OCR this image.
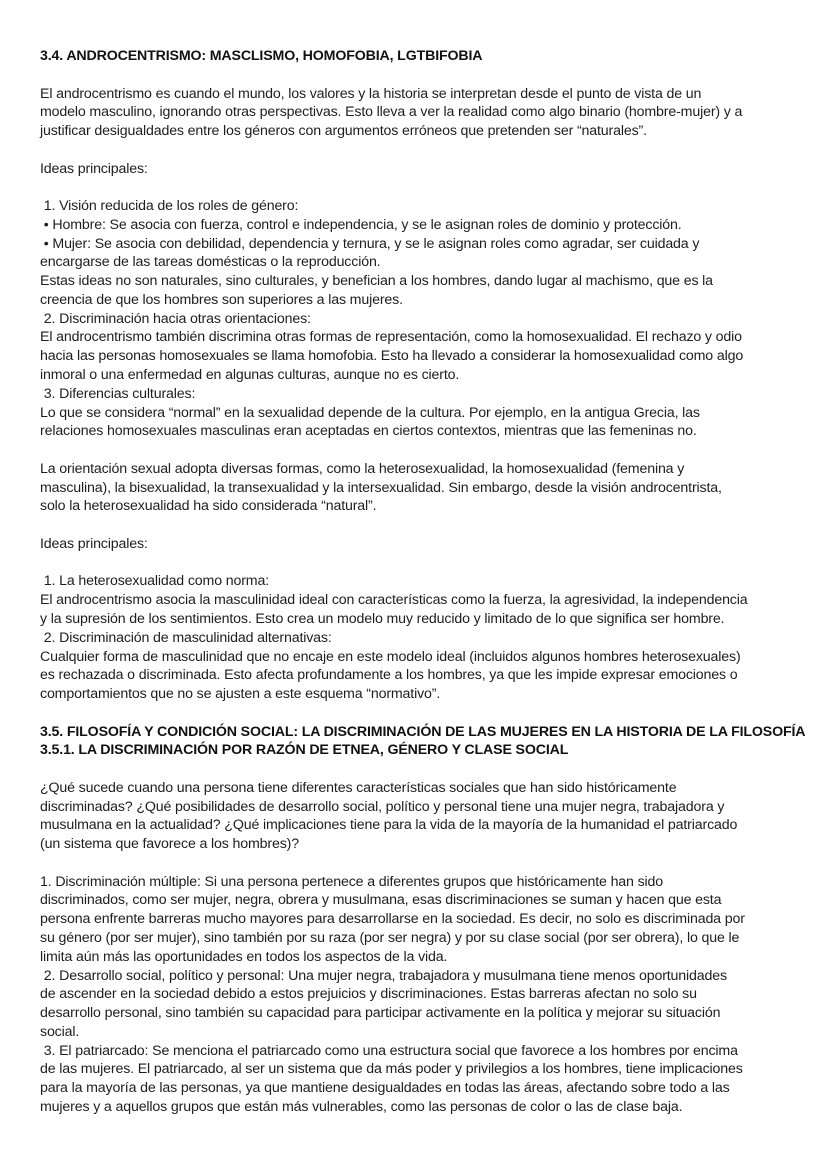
3.4. ANDROCENTRISMO: MASCLISMO, HOMOFOBIA, LGTBIFOBIA
El androcentrismo es cuando el mundo, los valores y la historia se interpretan desde el punto de vista de un
modelo masculino, ignorando otras perspectivas. Esto lleva a ver la realidad como algo binario (hombre-mujer) y a
justificar desigualdades entre los géneros con argumentos erróneos que pretenden ser “naturales”.
Ideas principales:
1. Visión reducida de los roles de género:
• Hombre: Se asocia con fuerza, control e independencia, y se le asignan roles de dominio y protección.
• Mujer: Se asocia con debilidad, dependencia y ternura, y se le asignan roles como agradar, ser cuidada y
encargarse de las tareas domésticas o la reproducción.
Estas ideas no son naturales, sino culturales, y benefician a los hombres, dando lugar al machismo, que es la
creencia de que los hombres son superiores a las mujeres.
2. Discriminación hacia otras orientaciones:
El androcentrismo también discrimina otras formas de representación, como la homosexualidad. El rechazo y odio
hacia las personas homosexuales se llama homofobia. Esto ha llevado a considerar la homosexualidad como algo
inmoral o una enfermedad en algunas culturas, aunque no es cierto.
3. Diferencias culturales:
Lo que se considera “normal” en la sexualidad depende de la cultura. Por ejemplo, en la antigua Grecia, las
relaciones homosexuales masculinas eran aceptadas en ciertos contextos, mientras que las femeninas no.
La orientación sexual adopta diversas formas, como la heterosexualidad, la homosexualidad (femenina y
masculina), la bisexualidad, la transexualidad y la intersexualidad. Sin embargo, desde la visión androcentrista,
solo la heterosexualidad ha sido considerada “natural”.
Ideas principales:
1. La heterosexualidad como norma:
El androcentrismo asocia la masculinidad ideal con características como la fuerza, la agresividad, la independencia
y la supresión de los sentimientos. Esto crea un modelo muy reducido y limitado de lo que significa ser hombre.
2. Discriminación de masculinidad alternativas:
Cualquier forma de masculinidad que no encaje en este modelo ideal (incluidos algunos hombres heterosexuales)
es rechazada o discriminada. Esto afecta profundamente a los hombres, ya que les impide expresar emociones o
comportamientos que no se ajusten a este esquema “normativo”.
3.5. FILOSOFÍA Y CONDICIÓN SOCIAL: LA DISCRIMINACIÓN DE LAS MUJERES EN LA HISTORIA DE LA FILOSOFÍA
3.5.1. LA DISCRIMINACIÓN POR RAZÓN DE ETNEA, GÉNERO Y CLASE SOCIAL
¿Qué sucede cuando una persona tiene diferentes características sociales que han sido históricamente
discriminadas? ¿Qué posibilidades de desarrollo social, político y personal tiene una mujer negra, trabajadora y
musulmana en la actualidad? ¿Qué implicaciones tiene para la vida de la mayoría de la humanidad el patriarcado
(un sistema que favorece a los hombres)?
1. Discriminación múltiple: Si una persona pertenece a diferentes grupos que históricamente han sido
discriminados, como ser mujer, negra, obrera y musulmana, esas discriminaciones se suman y hacen que esta
persona enfrente barreras mucho mayores para desarrollarse en la sociedad. Es decir, no solo es discriminada por
su género (por ser mujer), sino también por su raza (por ser negra) y por su clase social (por ser obrera), lo que le
limita aún más las oportunidades en todos los aspectos de la vida.
2. Desarrollo social, político y personal: Una mujer negra, trabajadora y musulmana tiene menos oportunidades
de ascender en la sociedad debido a estos prejuicios y discriminaciones. Estas barreras afectan no solo su
desarrollo personal, sino también su capacidad para participar activamente en la política y mejorar su situación
social.
3. El patriarcado: Se menciona el patriarcado como una estructura social que favorece a los hombres por encima
de las mujeres. El patriarcado, al ser un sistema que da más poder y privilegios a los hombres, tiene implicaciones
para la mayoría de las personas, ya que mantiene desigualdades en todas las áreas, afectando sobre todo a las
mujeres y a aquellos grupos que están más vulnerables, como las personas de color o las de clase baja.
